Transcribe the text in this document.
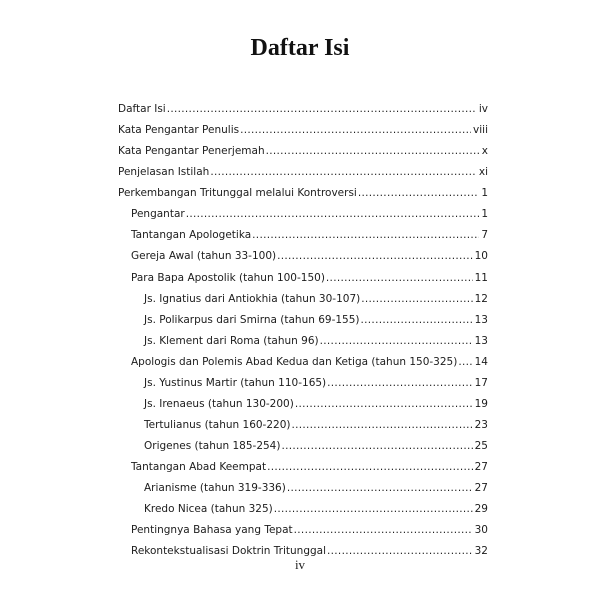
Daftar Isi
Daftar Isi .....	iv
Kata Pengantar Penulis .....	viii
Kata Pengantar Penerjemah .....	x
Penjelasan Istilah .....	xi
Perkembangan Tritunggal melalui Kontroversi .....	1
Pengantar .....	1
Tantangan Apologetika .....	7
Gereja Awal (tahun 33-100) .....	10
Para Bapa Apostolik (tahun 100-150) .....	11
Js. Ignatius dari Antiokhia (tahun 30-107) .....	12
Js. Polikarpus dari Smirna (tahun 69-155) .....	13
Js. Klement dari Roma (tahun 96) .....	13
Apologis dan Polemis Abad Kedua dan Ketiga (tahun 150-325) ..... 14
Js. Yustinus Martir (tahun 110-165) .....	17
Js. Irenaeus (tahun 130-200) .....	19
Tertulianus (tahun 160-220) .....	23
Origenes (tahun 185-254) .....	25
Tantangan Abad Keempat .....	27
Arianisme (tahun 319-336) .....	27
Kredo Nicea (tahun 325) .....	29
Pentingnya Bahasa yang Tepat .....	30
Rekontekstualisasi Doktrin Tritunggal .....	32
iv
